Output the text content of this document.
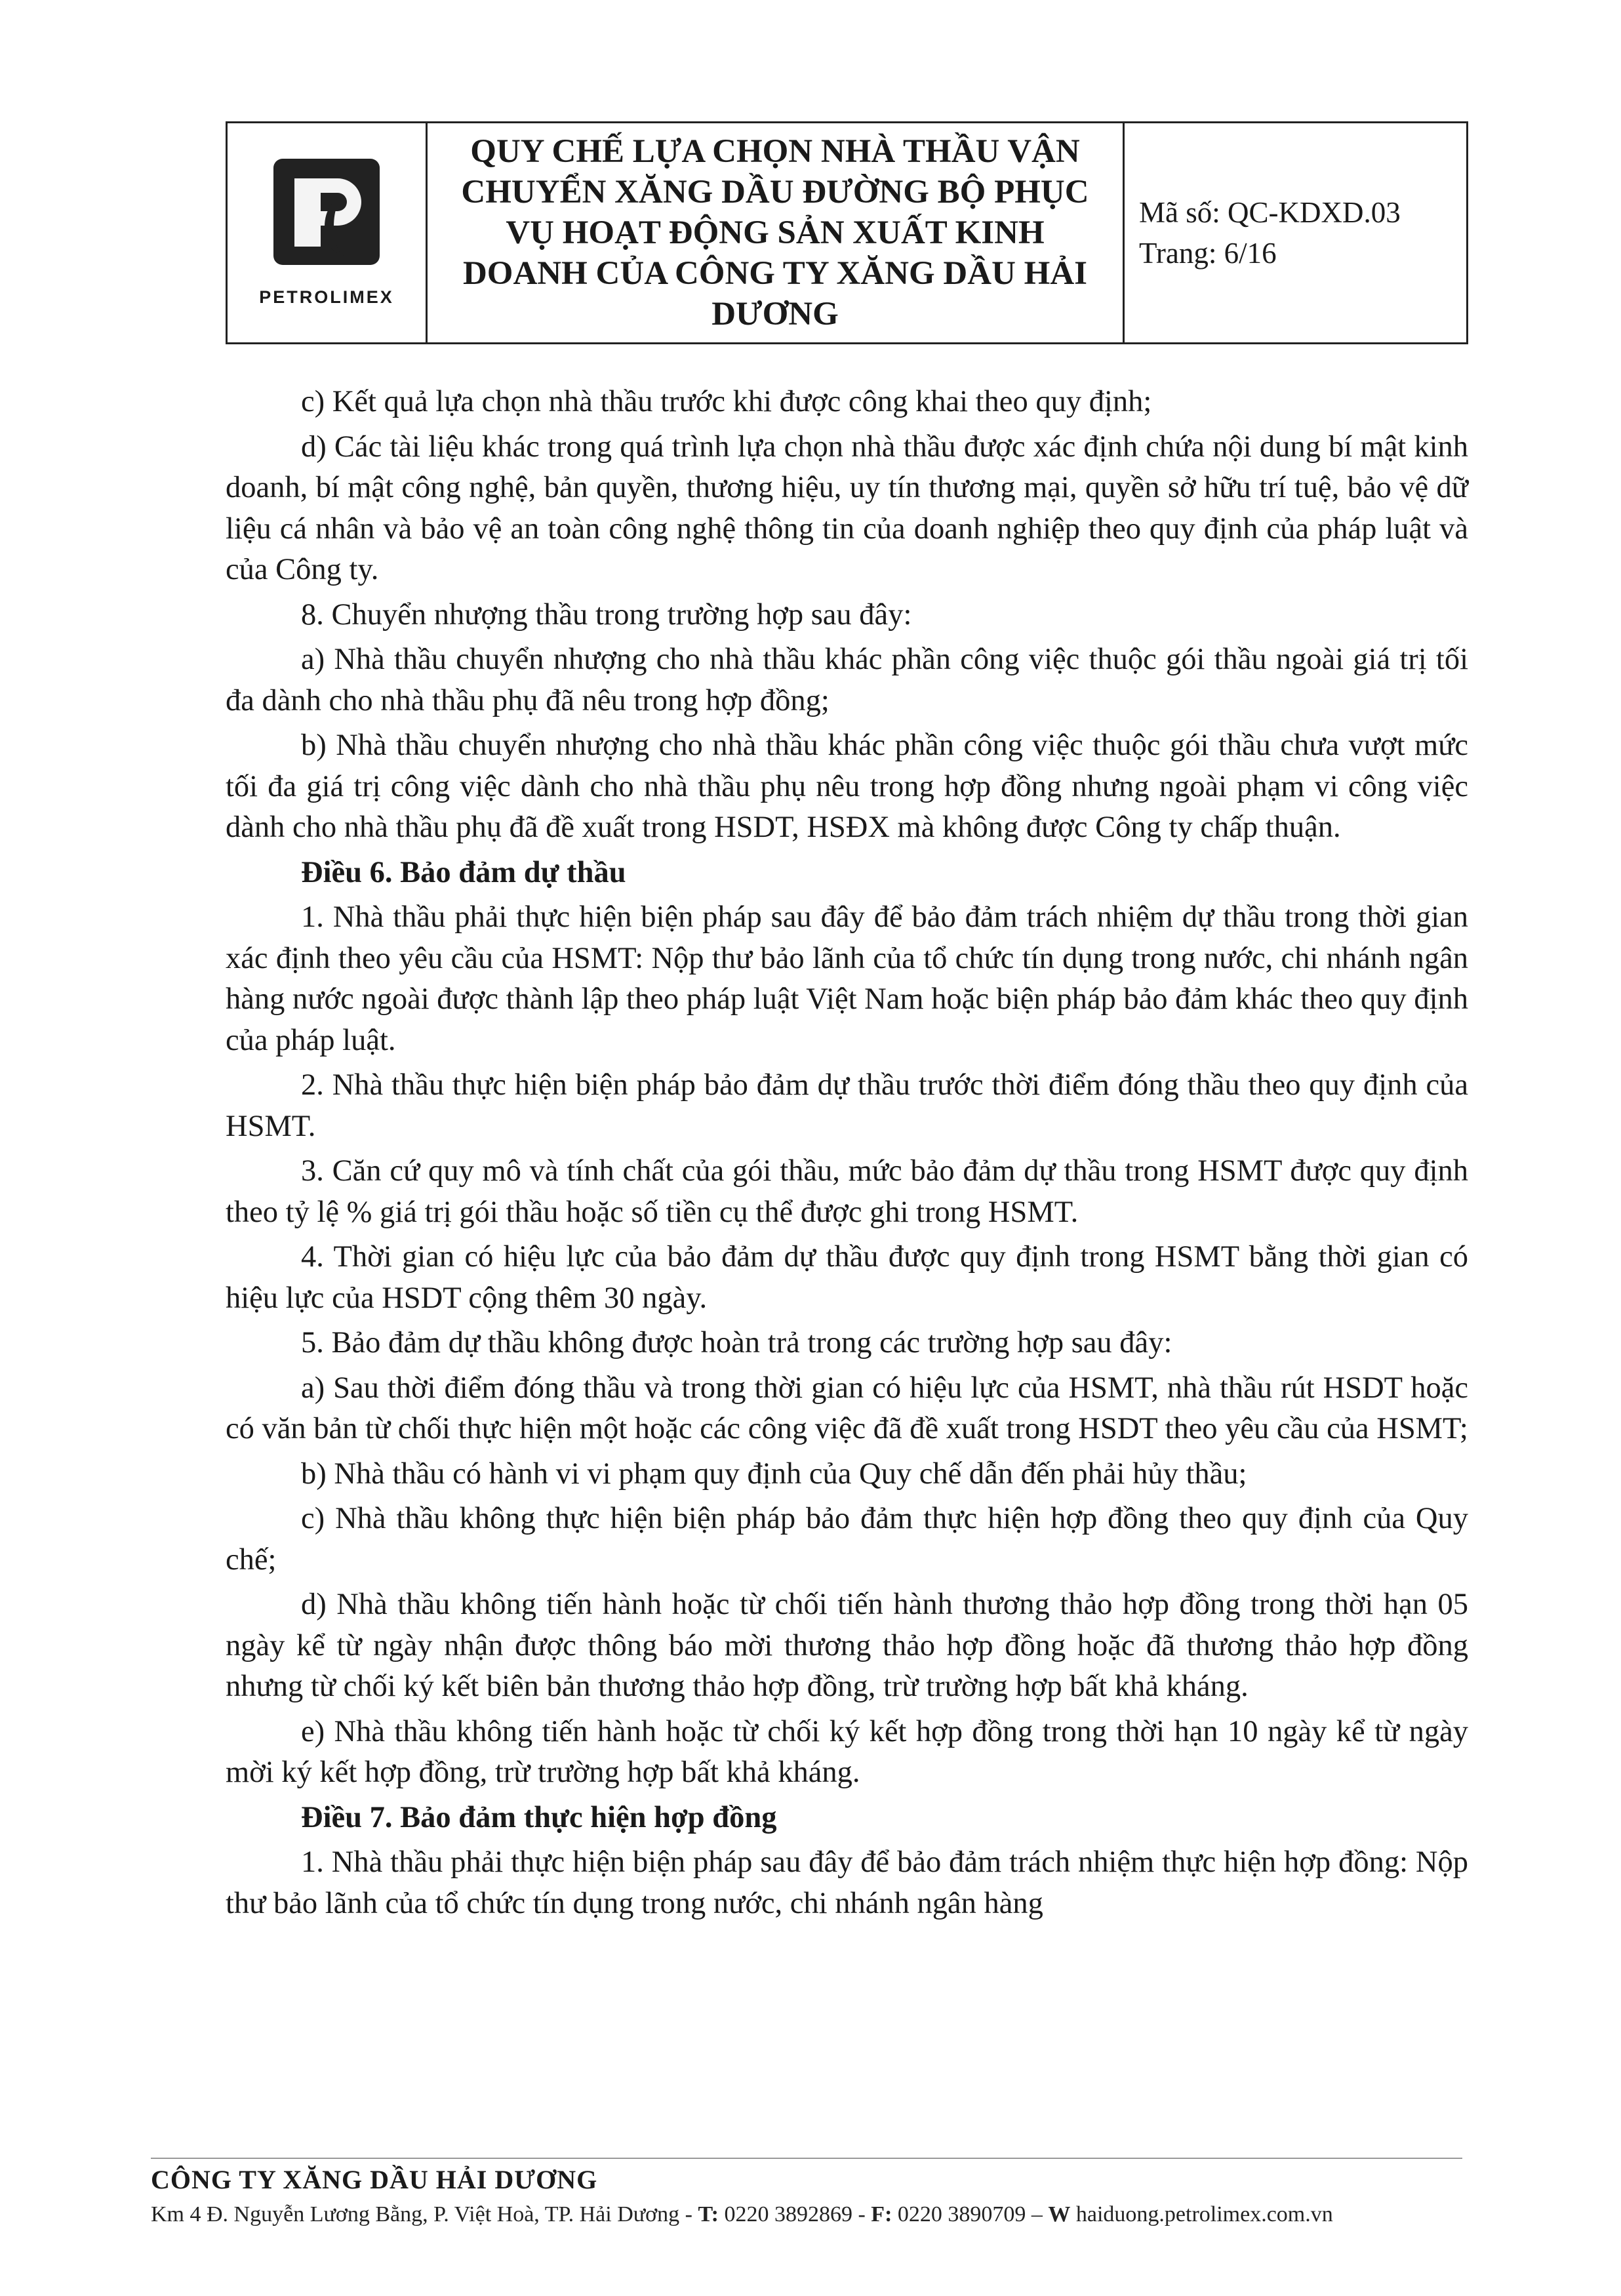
PETROLIMEX
QUY CHẾ LỰA CHỌN NHÀ THẦU VẬN CHUYỂN XĂNG DẦU ĐƯỜNG BỘ PHỤC VỤ HOẠT ĐỘNG SẢN XUẤT KINH DOANH CỦA CÔNG TY XĂNG DẦU HẢI DƯƠNG
Mã số: QC-KDXD.03
Trang: 6/16

c) Kết quả lựa chọn nhà thầu trước khi được công khai theo quy định;

d) Các tài liệu khác trong quá trình lựa chọn nhà thầu được xác định chứa nội dung bí mật kinh doanh, bí mật công nghệ, bản quyền, thương hiệu, uy tín thương mại, quyền sở hữu trí tuệ, bảo vệ dữ liệu cá nhân và bảo vệ an toàn công nghệ thông tin của doanh nghiệp theo quy định của pháp luật và của Công ty.

8. Chuyển nhượng thầu trong trường hợp sau đây:

a) Nhà thầu chuyển nhượng cho nhà thầu khác phần công việc thuộc gói thầu ngoài giá trị tối đa dành cho nhà thầu phụ đã nêu trong hợp đồng;

b) Nhà thầu chuyển nhượng cho nhà thầu khác phần công việc thuộc gói thầu chưa vượt mức tối đa giá trị công việc dành cho nhà thầu phụ nêu trong hợp đồng nhưng ngoài phạm vi công việc dành cho nhà thầu phụ đã đề xuất trong HSDT, HSĐX mà không được Công ty chấp thuận.

Điều 6. Bảo đảm dự thầu

1. Nhà thầu phải thực hiện biện pháp sau đây để bảo đảm trách nhiệm dự thầu trong thời gian xác định theo yêu cầu của HSMT: Nộp thư bảo lãnh của tổ chức tín dụng trong nước, chi nhánh ngân hàng nước ngoài được thành lập theo pháp luật Việt Nam hoặc biện pháp bảo đảm khác theo quy định của pháp luật.

2. Nhà thầu thực hiện biện pháp bảo đảm dự thầu trước thời điểm đóng thầu theo quy định của HSMT.

3. Căn cứ quy mô và tính chất của gói thầu, mức bảo đảm dự thầu trong HSMT được quy định theo tỷ lệ % giá trị gói thầu hoặc số tiền cụ thể được ghi trong HSMT.

4. Thời gian có hiệu lực của bảo đảm dự thầu được quy định trong HSMT bằng thời gian có hiệu lực của HSDT cộng thêm 30 ngày.

5. Bảo đảm dự thầu không được hoàn trả trong các trường hợp sau đây:

a) Sau thời điểm đóng thầu và trong thời gian có hiệu lực của HSMT, nhà thầu rút HSDT hoặc có văn bản từ chối thực hiện một hoặc các công việc đã đề xuất trong HSDT theo yêu cầu của HSMT;

b) Nhà thầu có hành vi vi phạm quy định của Quy chế dẫn đến phải hủy thầu;

c) Nhà thầu không thực hiện biện pháp bảo đảm thực hiện hợp đồng theo quy định của Quy chế;

d) Nhà thầu không tiến hành hoặc từ chối tiến hành thương thảo hợp đồng trong thời hạn 05 ngày kể từ ngày nhận được thông báo mời thương thảo hợp đồng hoặc đã thương thảo hợp đồng nhưng từ chối ký kết biên bản thương thảo hợp đồng, trừ trường hợp bất khả kháng.

e) Nhà thầu không tiến hành hoặc từ chối ký kết hợp đồng trong thời hạn 10 ngày kể từ ngày mời ký kết hợp đồng, trừ trường hợp bất khả kháng.

Điều 7. Bảo đảm thực hiện hợp đồng

1. Nhà thầu phải thực hiện biện pháp sau đây để bảo đảm trách nhiệm thực hiện hợp đồng: Nộp thư bảo lãnh của tổ chức tín dụng trong nước, chi nhánh ngân hàng

CÔNG TY XĂNG DẦU HẢI DƯƠNG
Km 4 Đ. Nguyễn Lương Bằng, P. Việt Hoà, TP. Hải Dương - T: 0220 3892869 - F: 0220 3890709 – W haiduong.petrolimex.com.vn
